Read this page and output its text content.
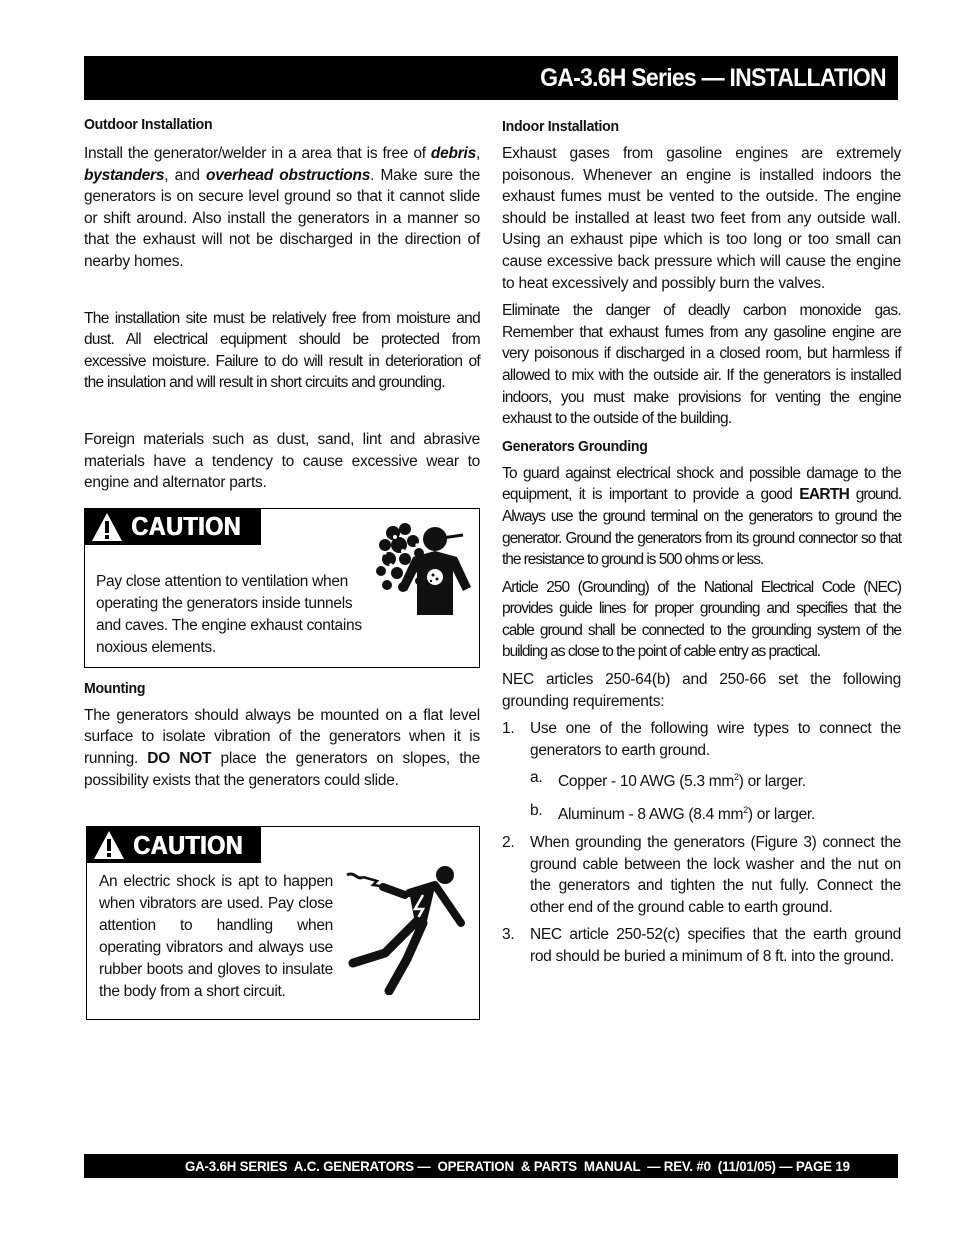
GA-3.6H Series — INSTALLATION
Outdoor Installation

Install the generator/welder in a area that is free of debris, bystanders, and overhead obstructions. Make sure the generators is on secure level ground so that it cannot slide or shift around. Also install the generators in a manner so that the exhaust will not be discharged in the direction of nearby homes.

The installation site must be relatively free from moisture and dust. All electrical equipment should be protected from excessive moisture. Failure to do will result in deterioration of the insulation and will result in short circuits and grounding.

Foreign materials such as dust, sand, lint and abrasive materials have a tendency to cause excessive wear to engine and alternator parts.

CAUTION
Pay close attention to ventilation when operating the generators inside tunnels and caves. The engine exhaust contains noxious elements.
Mounting

The generators should always be mounted on a flat level surface to isolate vibration of the generators when it is running. DO NOT place the generators on slopes, the possibility exists that the generators could slide.

CAUTION
An electric shock is apt to happen when vibrators are used. Pay close attention to handling when operating vibrators and always use rubber boots and gloves to insulate the body from a short circuit.
Indoor Installation

Exhaust gases from gasoline engines are extremely poisonous. Whenever an engine is installed indoors the exhaust fumes must be vented to the outside. The engine should be installed at least two feet from any outside wall. Using an exhaust pipe which is too long or too small can cause excessive back pressure which will cause the engine to heat excessively and possibly burn the valves.

Eliminate the danger of deadly carbon monoxide gas. Remember that exhaust fumes from any gasoline engine are very poisonous if discharged in a closed room, but harmless if allowed to mix with the outside air. If the generators is installed indoors, you must make provisions for venting the engine exhaust to the outside of the building.

Generators Grounding

To guard against electrical shock and possible damage to the equipment, it is important to provide a good EARTH ground. Always use the ground terminal on the generators to ground the generator. Ground the generators from its ground connector so that the resistance to ground is 500 ohms or less.

Article 250 (Grounding) of the National Electrical Code (NEC) provides guide lines for proper grounding and specifies that the cable ground shall be connected to the grounding system of the building as close to the point of cable entry as practical.

NEC articles 250-64(b) and 250-66 set the following grounding requirements:

1. Use one of the following wire types to connect the generators to earth ground.
a. Copper - 10 AWG (5.3 $mm^2$) or larger.
b. Aluminum - 8 AWG (8.4 $mm^2$) or larger.
2. When grounding the generators (Figure 3) connect the ground cable between the lock washer and the nut on the generators and tighten the nut fully. Connect the other end of the ground cable to earth ground.
3. NEC article 250-52(c) specifies that the earth ground rod should be buried a minimum of 8 ft. into the ground.
GA-3.6H SERIES  A.C. GENERATORS —  OPERATION  & PARTS  MANUAL  — REV. #0  (11/01/05) — PAGE 19
